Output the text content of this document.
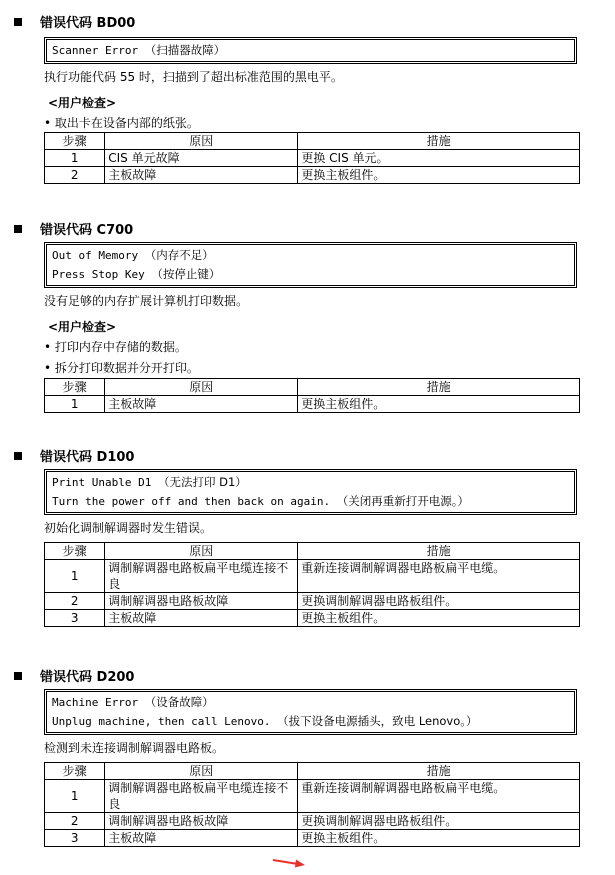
错误代码 BD00
Scanner Error （扫描器故障）
执行功能代码 55 时，扫描到了超出标准范围的黑电平。
<用户检查>
• 取出卡在设备内部的纸张。
步骤	原因	措施
1	CIS 单元故障	更换 CIS 单元。
2	主板故障	更换主板组件。
错误代码 C700
Out of Memory （内存不足）
Press Stop Key （按停止键）
没有足够的内存扩展计算机打印数据。
<用户检查>
• 打印内存中存储的数据。
• 拆分打印数据并分开打印。
步骤	原因	措施
1	主板故障	更换主板组件。
错误代码 D100
Print Unable D1 （无法打印 D1）
Turn the power off and then back on again. （关闭再重新打开电源。）
初始化调制解调器时发生错误。
步骤	原因	措施
1	调制解调器电路板扁平电缆连接不良	重新连接调制解调器电路板扁平电缆。
2	调制解调器电路板故障	更换调制解调器电路板组件。
3	主板故障	更换主板组件。
错误代码 D200
Machine Error （设备故障）
Unplug machine, then call Lenovo. （拔下设备电源插头，致电 Lenovo。）
检测到未连接调制解调器电路板。
步骤	原因	措施
1	调制解调器电路板扁平电缆连接不良	重新连接调制解调器电路板扁平电缆。
2	调制解调器电路板故障	更换调制解调器电路板组件。
3	主板故障	更换主板组件。
